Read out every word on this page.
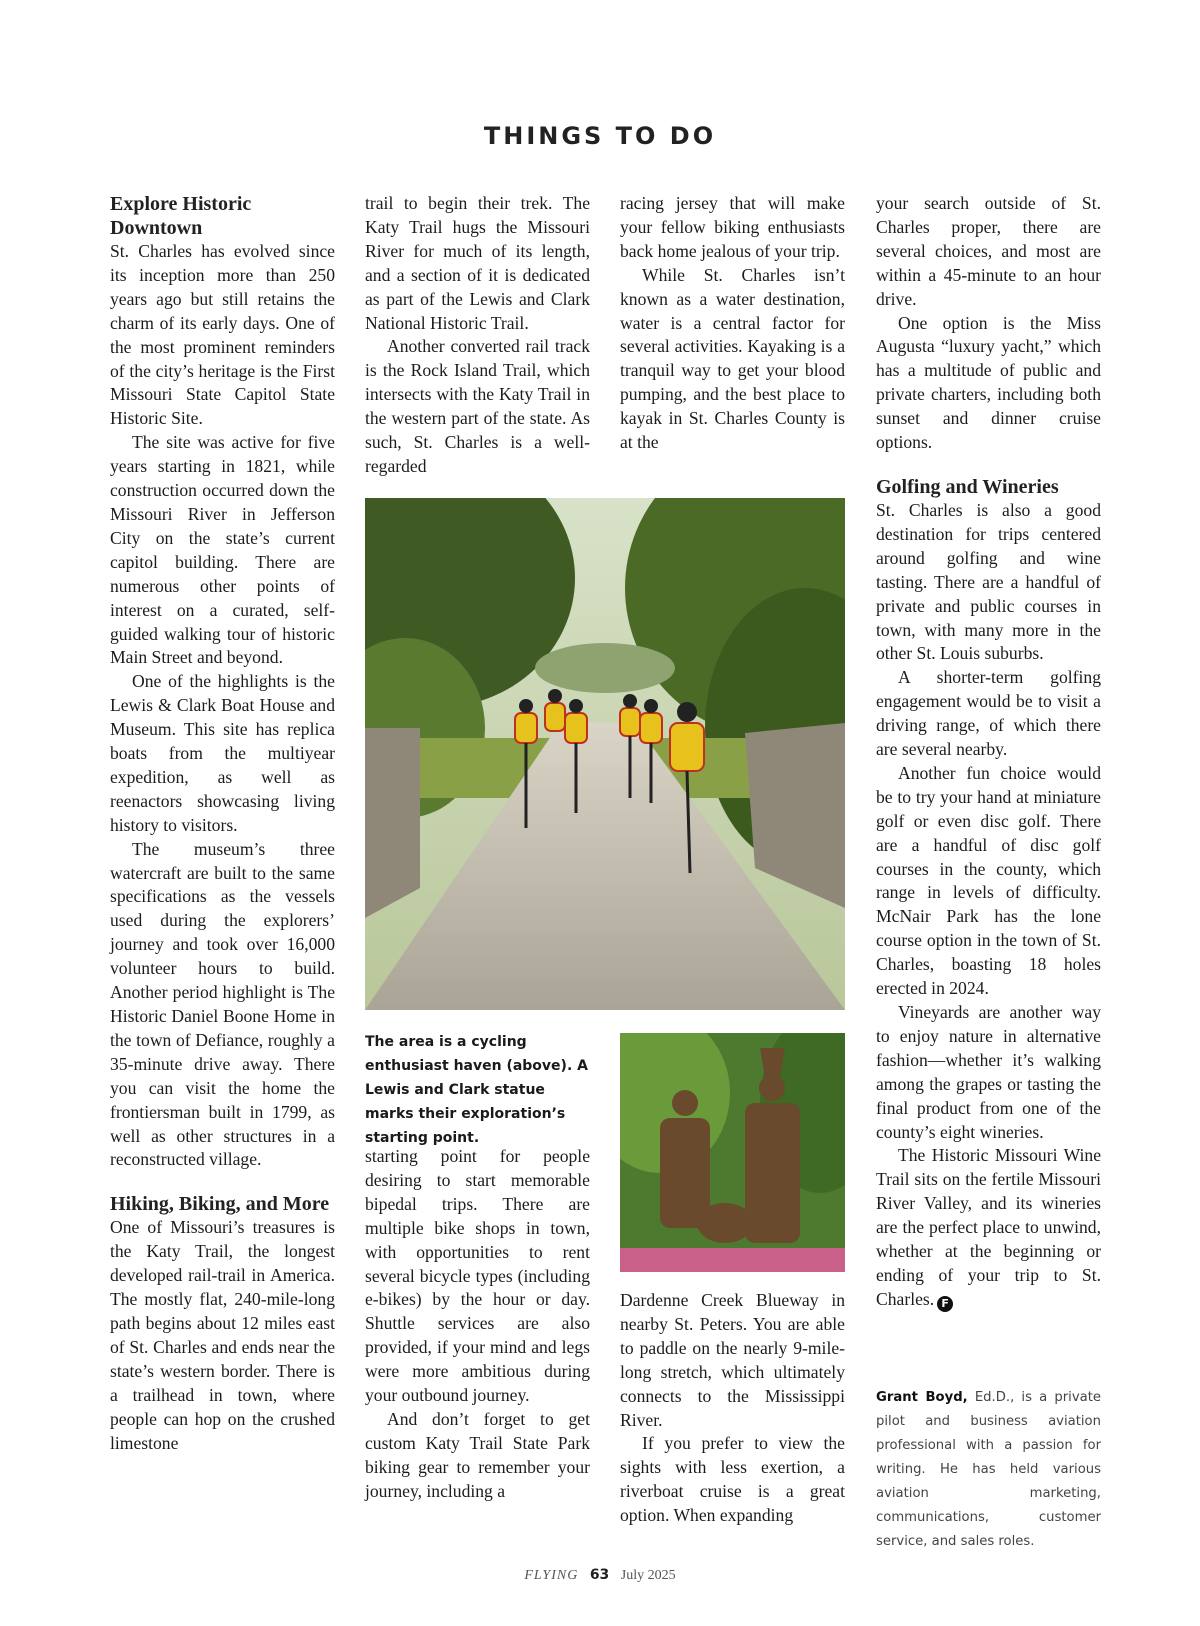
THINGS TO DO
Explore Historic Downtown

St. Charles has evolved since its inception more than 250 years ago but still retains the charm of its early days. One of the most prominent reminders of the city’s heritage is the First Missouri State Capitol State Historic Site.

The site was active for five years starting in 1821, while construction occurred down the Missouri River in Jefferson City on the state’s current capitol building. There are numerous other points of interest on a curated, self-guided walking tour of historic Main Street and beyond.

One of the highlights is the Lewis & Clark Boat House and Museum. This site has replica boats from the multiyear expedition, as well as reenactors showcasing living history to visitors.

The museum’s three watercraft are built to the same specifications as the vessels used during the explorers’ journey and took over 16,000 volunteer hours to build. Another period highlight is The Historic Daniel Boone Home in the town of Defiance, roughly a 35-minute drive away. There you can visit the home the frontiersman built in 1799, as well as other structures in a reconstructed village.

Hiking, Biking, and More

One of Missouri’s treasures is the Katy Trail, the longest developed rail-trail in America. The mostly flat, 240-mile-long path begins about 12 miles east of St. Charles and ends near the state’s western border. There is a trailhead in town, where people can hop on the crushed limestone

trail to begin their trek. The Katy Trail hugs the Missouri River for much of its length, and a section of it is dedicated as part of the Lewis and Clark National Historic Trail.

Another converted rail track is the Rock Island Trail, which intersects with the Katy Trail in the western part of the state. As such, St. Charles is a well-regarded

racing jersey that will make your fellow biking enthusiasts back home jealous of your trip.

While St. Charles isn’t known as a water destination, water is a central factor for several activities. Kayaking is a tranquil way to get your blood pumping, and the best place to kayak in St. Charles County is at the

The area is a cycling enthusiast haven (above). A Lewis and Clark statue marks their exploration’s starting point.

starting point for people desiring to start memorable bipedal trips. There are multiple bike shops in town, with opportunities to rent several bicycle types (including e-bikes) by the hour or day. Shuttle services are also provided, if your mind and legs were more ambitious during your outbound journey.

And don’t forget to get custom Katy Trail State Park biking gear to remember your journey, including a

Dardenne Creek Blueway in nearby St. Peters. You are able to paddle on the nearly 9-mile-long stretch, which ultimately connects to the Mississippi River.

If you prefer to view the sights with less exertion, a riverboat cruise is a great option. When expanding

your search outside of St. Charles proper, there are several choices, and most are within a 45-minute to an hour drive.

One option is the Miss Augusta “luxury yacht,” which has a multitude of public and private charters, including both sunset and dinner cruise options.

Golfing and Wineries

St. Charles is also a good destination for trips centered around golfing and wine tasting. There are a handful of private and public courses in town, with many more in the other St. Louis suburbs.

A shorter-term golfing engagement would be to visit a driving range, of which there are several nearby.

Another fun choice would be to try your hand at miniature golf or even disc golf. There are a handful of disc golf courses in the county, which range in levels of difficulty. McNair Park has the lone course option in the town of St. Charles, boasting 18 holes erected in 2024.

Vineyards are another way to enjoy nature in alternative fashion—whether it’s walking among the grapes or tasting the final product from one of the county’s eight wineries.

The Historic Missouri Wine Trail sits on the fertile Missouri River Valley, and its wineries are the perfect place to unwind, whether at the beginning or ending of your trip to St. Charles. F

Grant Boyd, Ed.D., is a private pilot and business aviation professional with a passion for writing. He has held various aviation marketing, communications, customer service, and sales roles.
FLYING 63 July 2025
